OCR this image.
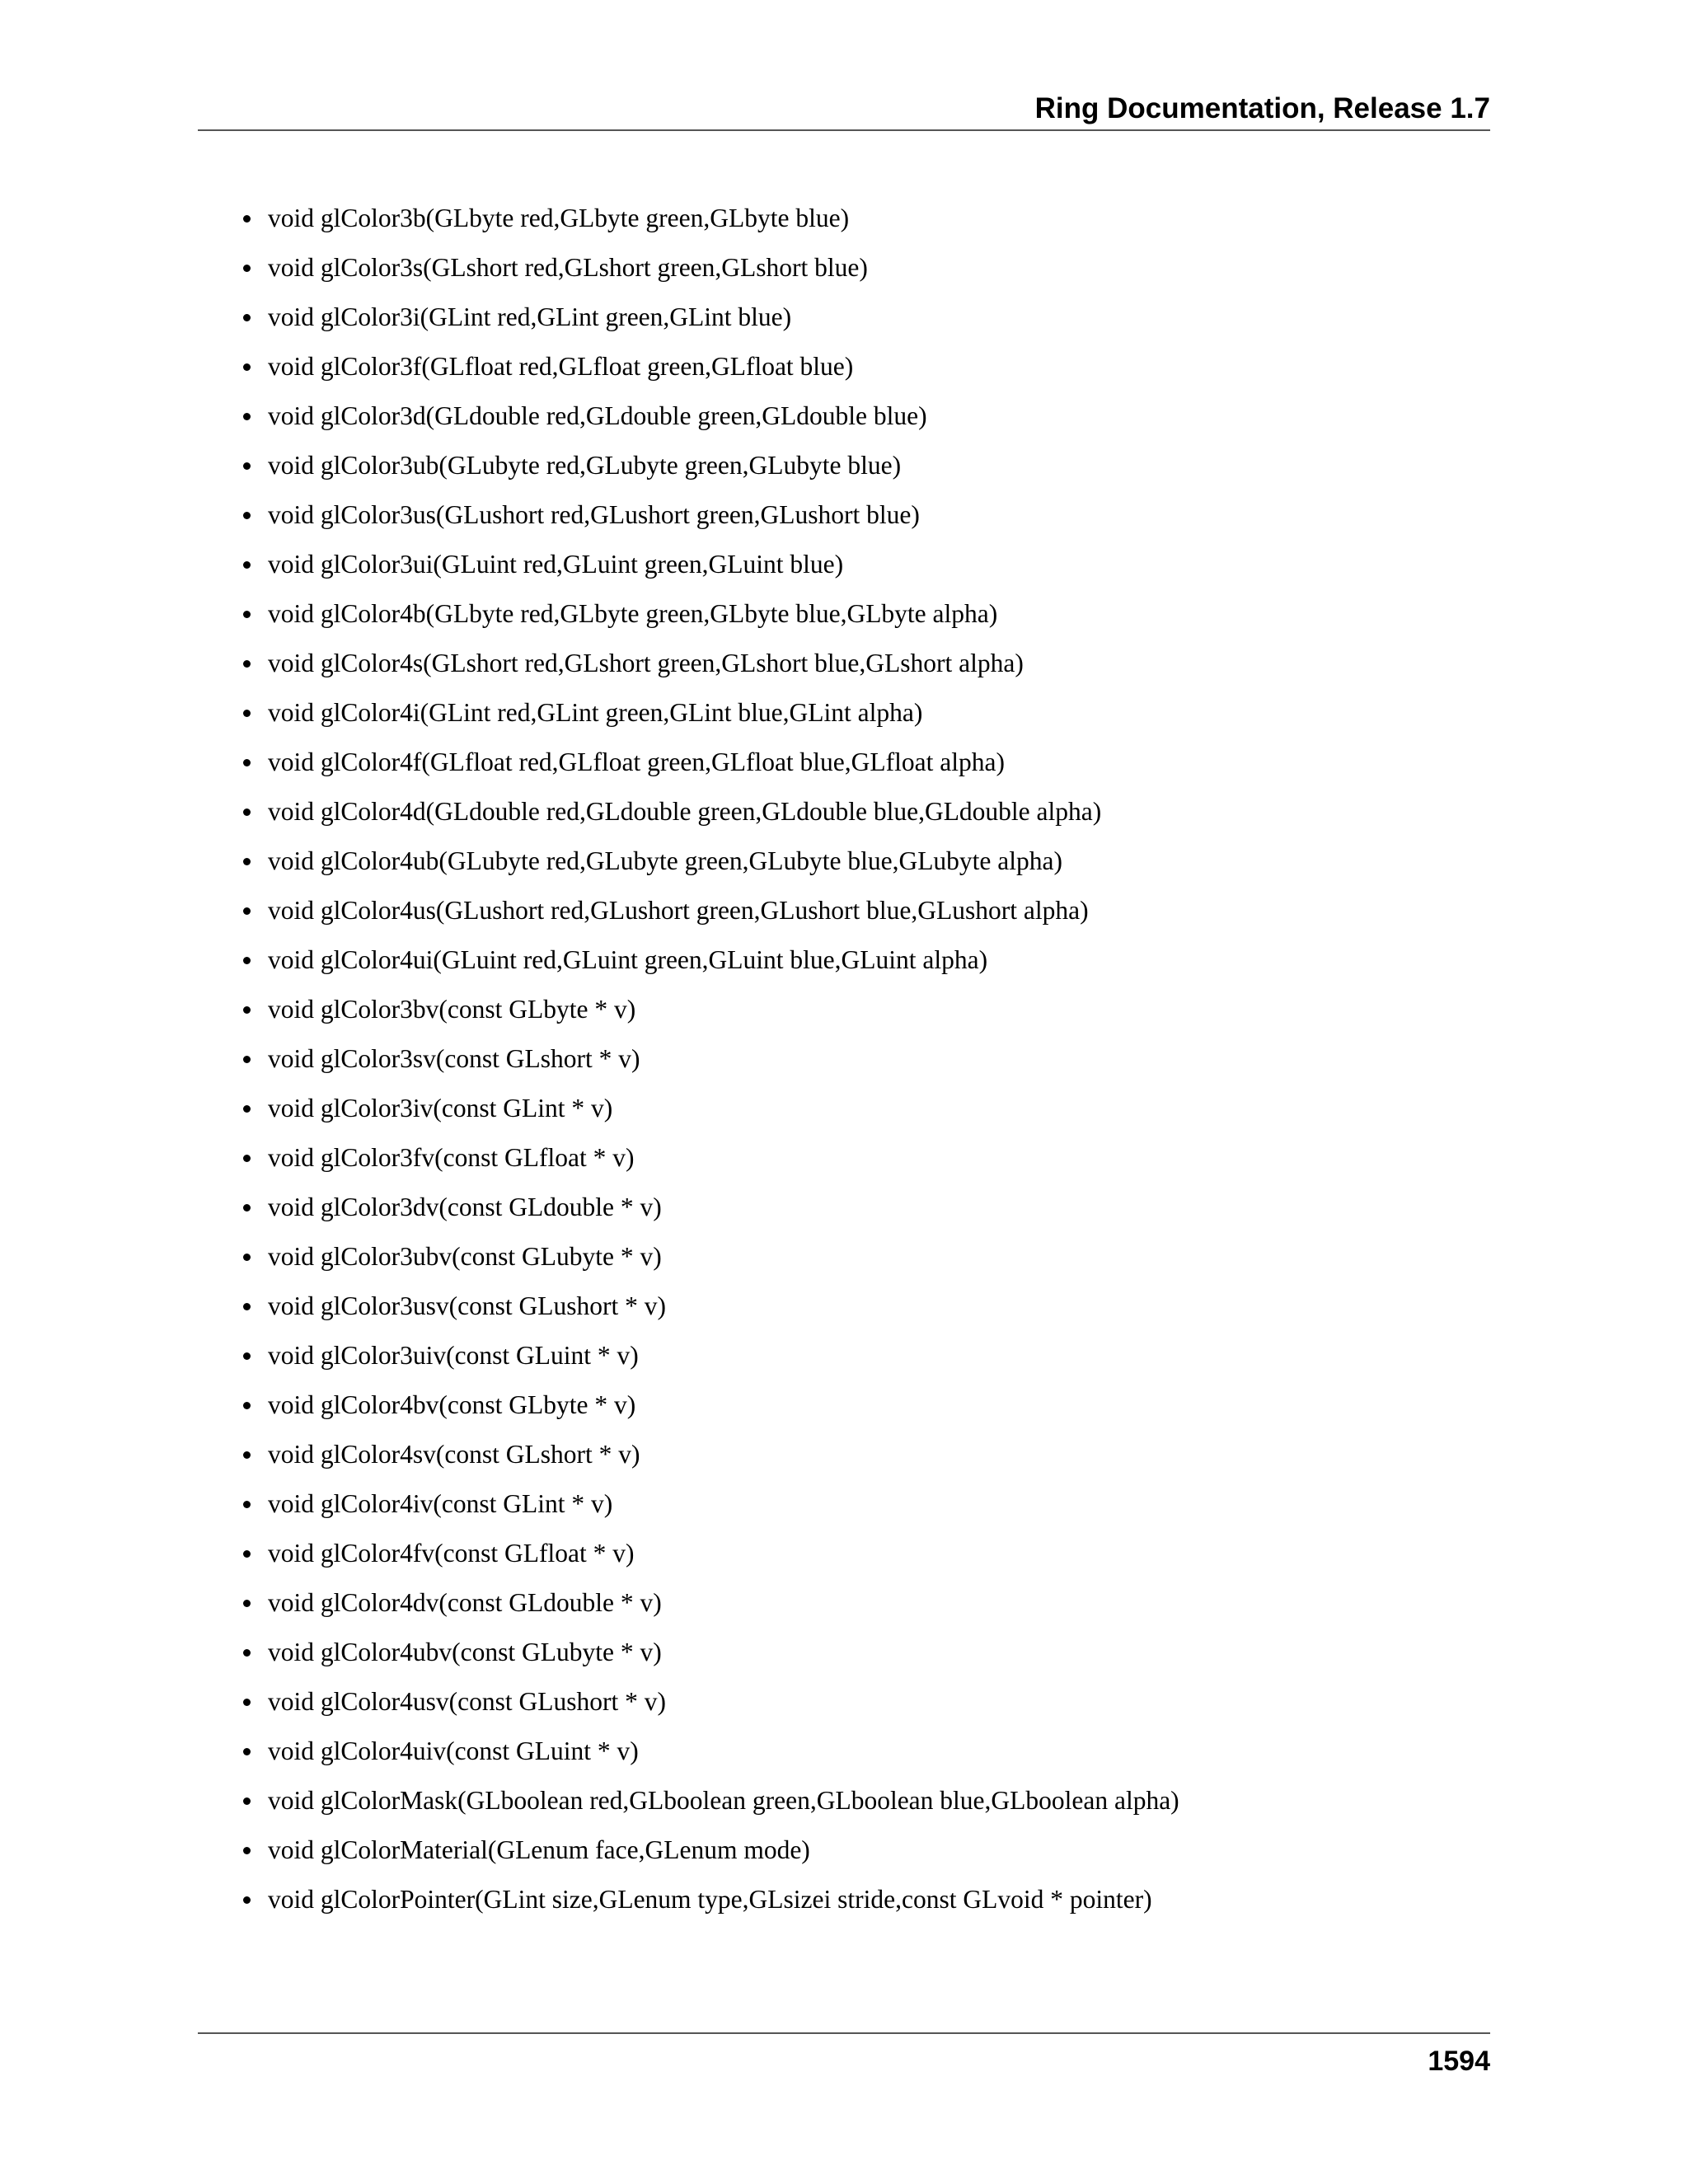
Ring Documentation, Release 1.7
void glColor3b(GLbyte red,GLbyte green,GLbyte blue)
void glColor3s(GLshort red,GLshort green,GLshort blue)
void glColor3i(GLint red,GLint green,GLint blue)
void glColor3f(GLfloat red,GLfloat green,GLfloat blue)
void glColor3d(GLdouble red,GLdouble green,GLdouble blue)
void glColor3ub(GLubyte red,GLubyte green,GLubyte blue)
void glColor3us(GLushort red,GLushort green,GLushort blue)
void glColor3ui(GLuint red,GLuint green,GLuint blue)
void glColor4b(GLbyte red,GLbyte green,GLbyte blue,GLbyte alpha)
void glColor4s(GLshort red,GLshort green,GLshort blue,GLshort alpha)
void glColor4i(GLint red,GLint green,GLint blue,GLint alpha)
void glColor4f(GLfloat red,GLfloat green,GLfloat blue,GLfloat alpha)
void glColor4d(GLdouble red,GLdouble green,GLdouble blue,GLdouble alpha)
void glColor4ub(GLubyte red,GLubyte green,GLubyte blue,GLubyte alpha)
void glColor4us(GLushort red,GLushort green,GLushort blue,GLushort alpha)
void glColor4ui(GLuint red,GLuint green,GLuint blue,GLuint alpha)
void glColor3bv(const GLbyte * v)
void glColor3sv(const GLshort * v)
void glColor3iv(const GLint * v)
void glColor3fv(const GLfloat * v)
void glColor3dv(const GLdouble * v)
void glColor3ubv(const GLubyte * v)
void glColor3usv(const GLushort * v)
void glColor3uiv(const GLuint * v)
void glColor4bv(const GLbyte * v)
void glColor4sv(const GLshort * v)
void glColor4iv(const GLint * v)
void glColor4fv(const GLfloat * v)
void glColor4dv(const GLdouble * v)
void glColor4ubv(const GLubyte * v)
void glColor4usv(const GLushort * v)
void glColor4uiv(const GLuint * v)
void glColorMask(GLboolean red,GLboolean green,GLboolean blue,GLboolean alpha)
void glColorMaterial(GLenum face,GLenum mode)
void glColorPointer(GLint size,GLenum type,GLsizei stride,const GLvoid * pointer)
1594
